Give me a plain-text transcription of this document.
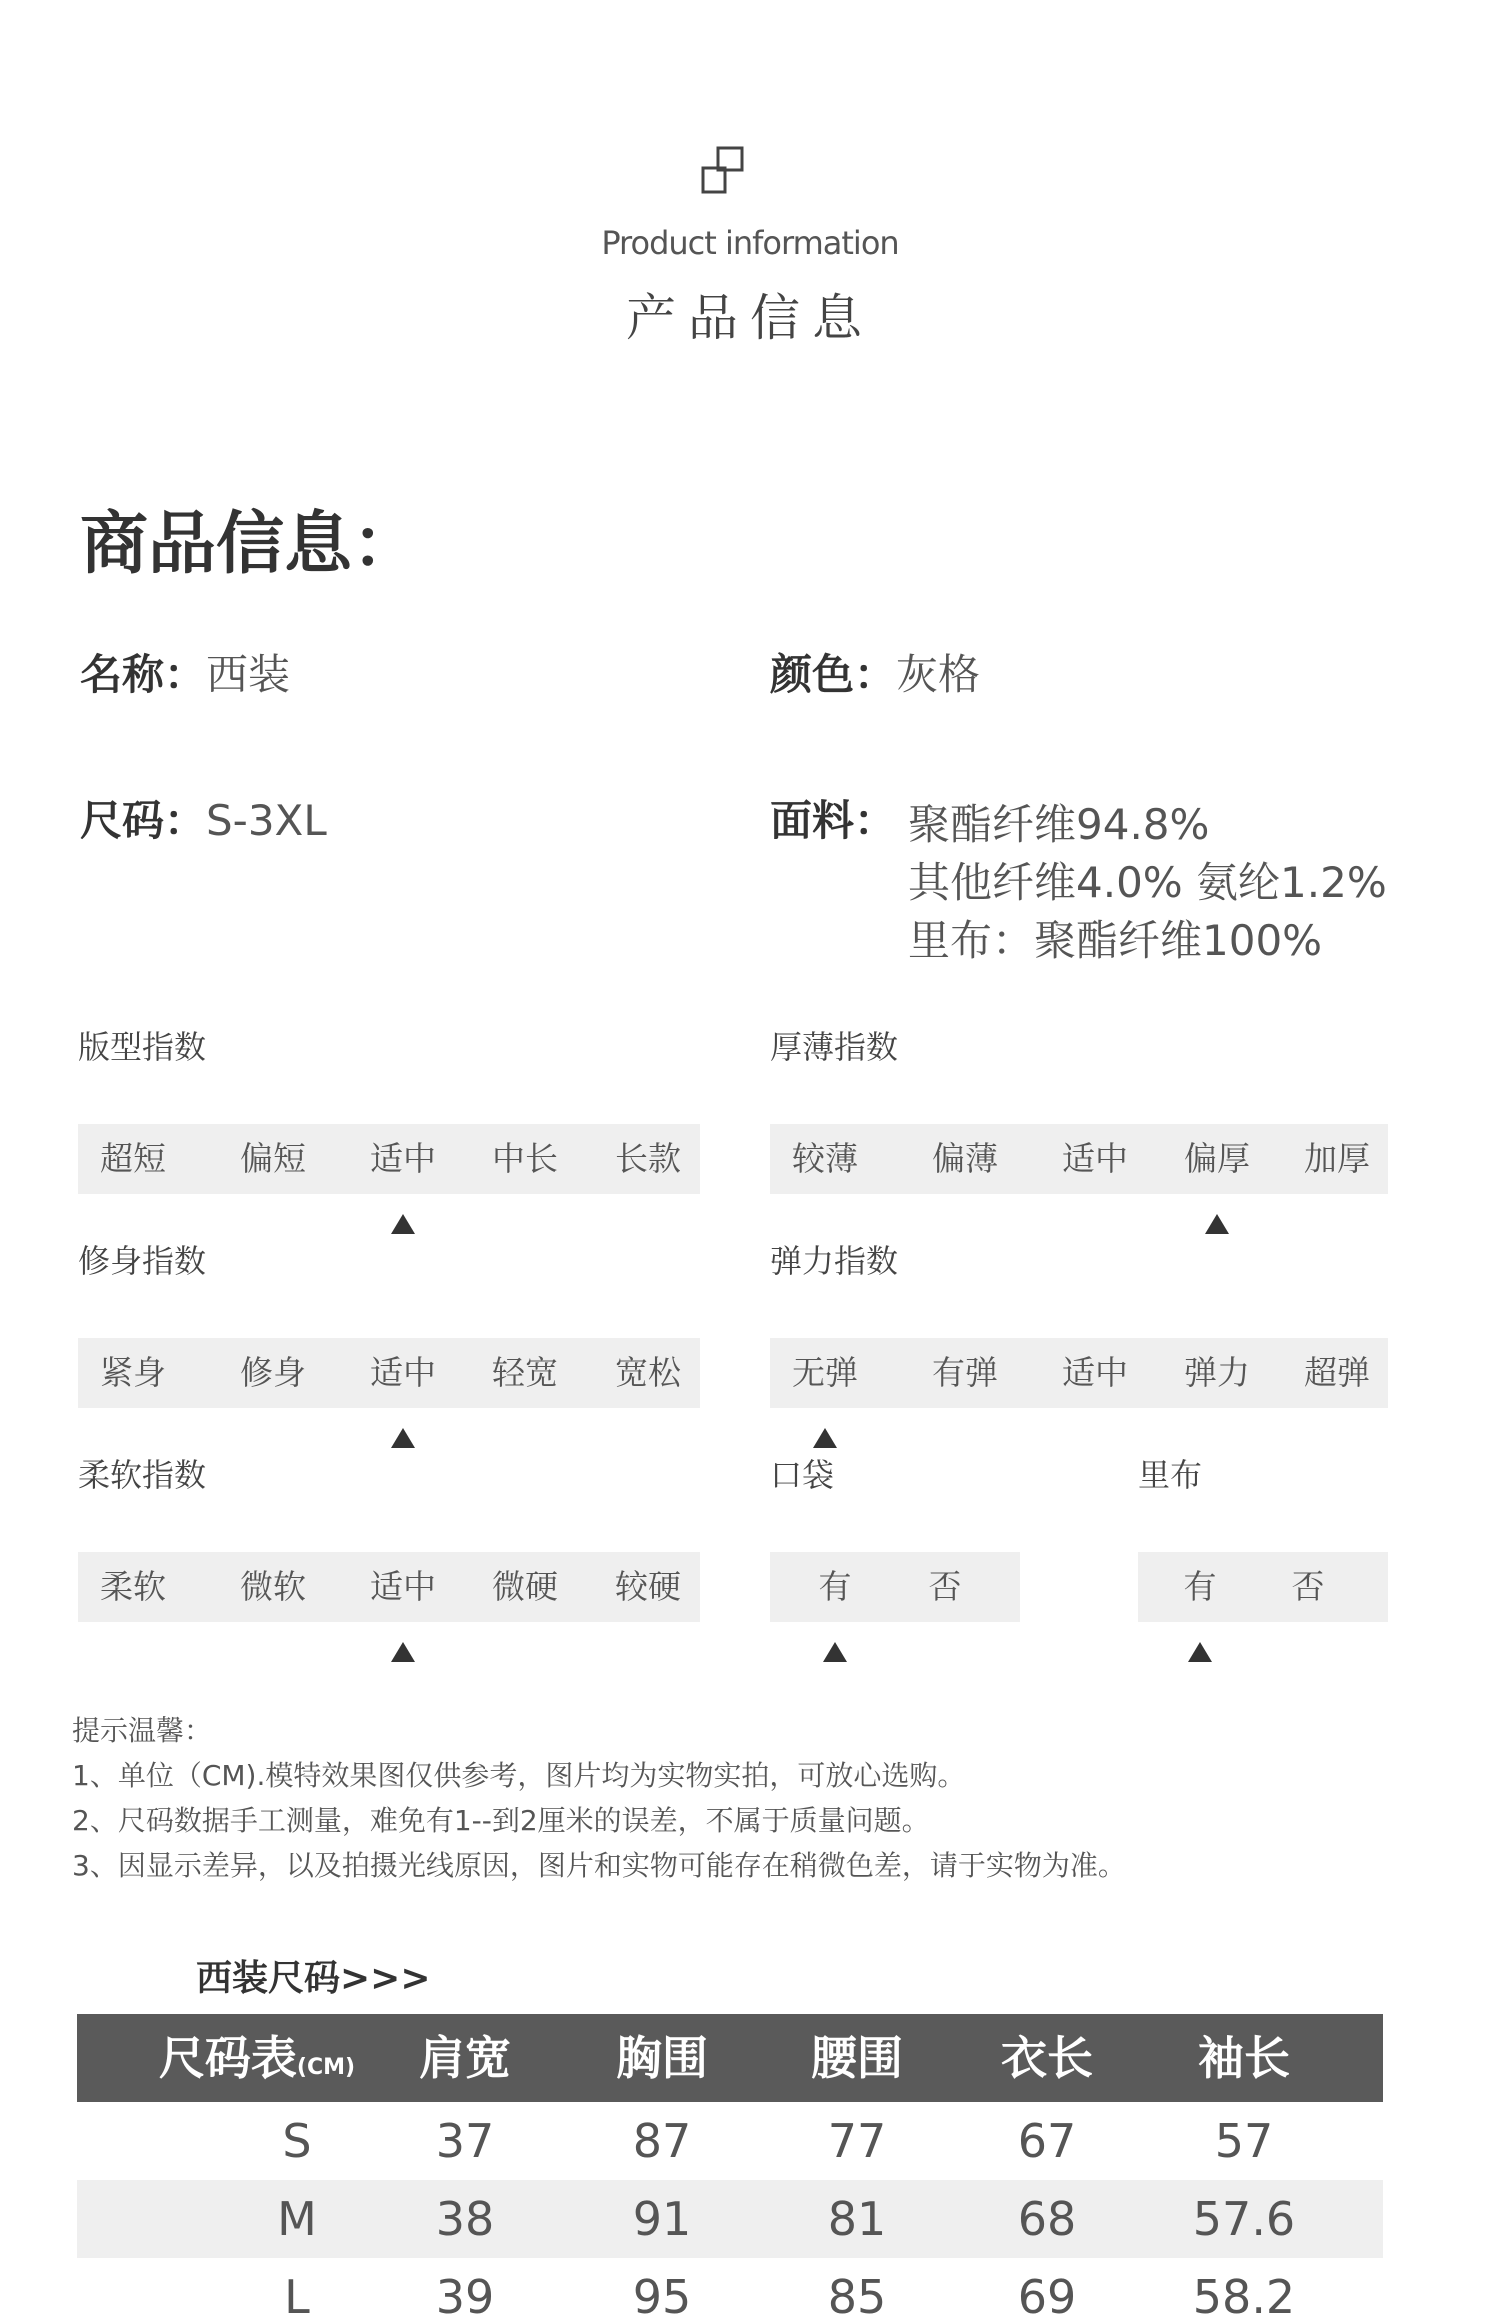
Product information
产品信息
商品信息：
名称：西装	颜色：灰格
尺码：S-3XL	面料： 聚酯纤维94.8%
其他纤维4.0% 氨纶1.2%
里布：聚酯纤维100%
版型指数
超短 偏短 适中 中长 长款
厚薄指数
较薄 偏薄 适中 偏厚 加厚
修身指数
紧身 修身 适中 轻宽 宽松
弹力指数
无弹 有弹 适中 弹力 超弹
柔软指数
柔软 微软 适中 微硬 较硬
口袋
有	否
里布
有	否
提示温馨：
1、单位（CM).模特效果图仅供参考，图片均为实物实拍，可放心选购。
2、尺码数据手工测量，难免有1--到2厘米的误差，不属于质量问题。
3、因显示差异，以及拍摄光线原因，图片和实物可能存在稍微色差，请于实物为准。
西装尺码>>>
尺码表(CM)	肩宽	胸围	腰围	衣长	袖长
S	37	87	77	67	57
M	38	91	81	68	57.6
L	39	95	85	69	58.2
